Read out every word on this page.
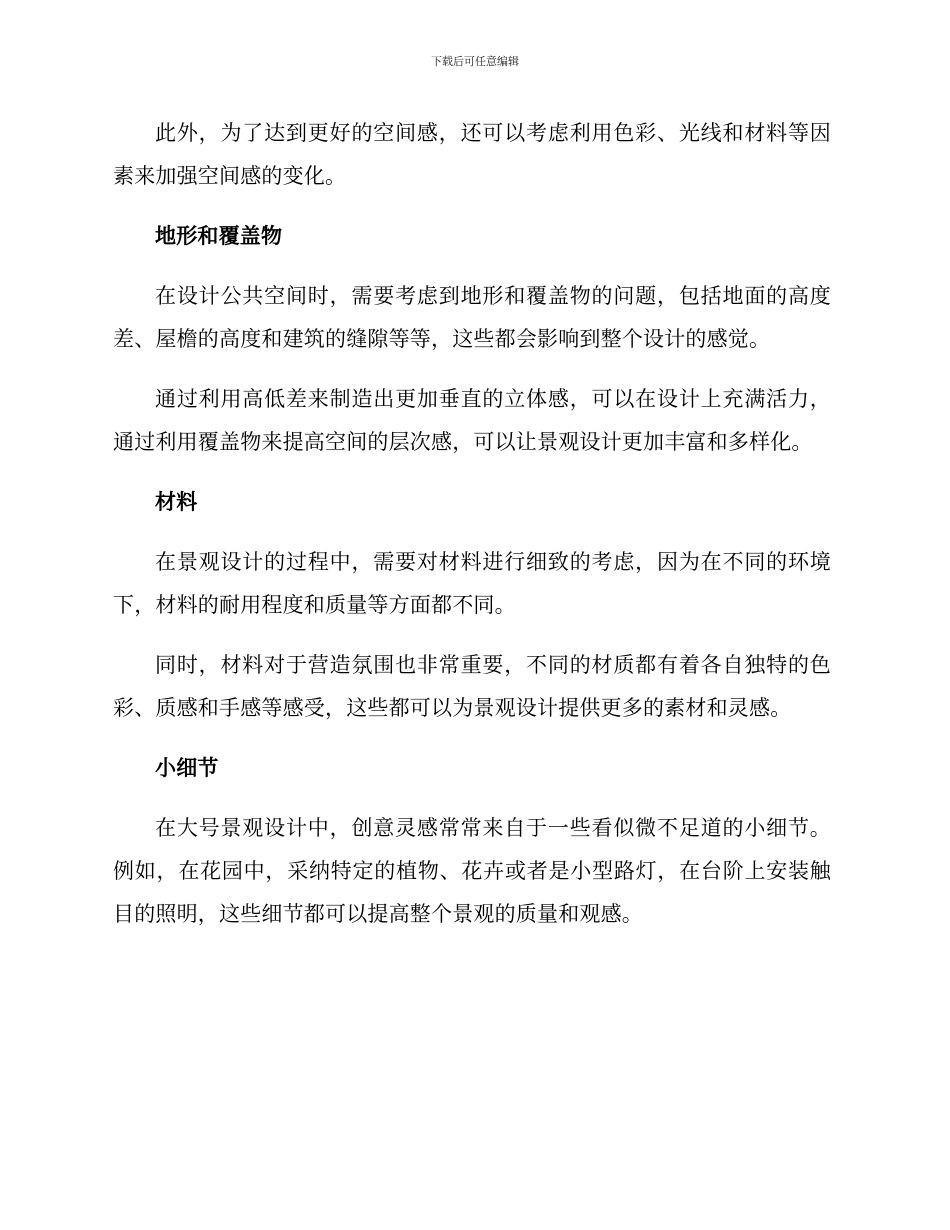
下载后可任意编辑

此外，为了达到更好的空间感，还可以考虑利用色彩、光线和材料等因素来加强空间感的变化。

地形和覆盖物

在设计公共空间时，需要考虑到地形和覆盖物的问题，包括地面的高度差、屋檐的高度和建筑的缝隙等等，这些都会影响到整个设计的感觉。

通过利用高低差来制造出更加垂直的立体感，可以在设计上充满活力，通过利用覆盖物来提高空间的层次感，可以让景观设计更加丰富和多样化。

材料

在景观设计的过程中，需要对材料进行细致的考虑，因为在不同的环境下，材料的耐用程度和质量等方面都不同。

同时，材料对于营造氛围也非常重要，不同的材质都有着各自独特的色彩、质感和手感等感受，这些都可以为景观设计提供更多的素材和灵感。

小细节

在大号景观设计中，创意灵感常常来自于一些看似微不足道的小细节。例如，在花园中，采纳特定的植物、花卉或者是小型路灯，在台阶上安装触目的照明，这些细节都可以提高整个景观的质量和观感。
